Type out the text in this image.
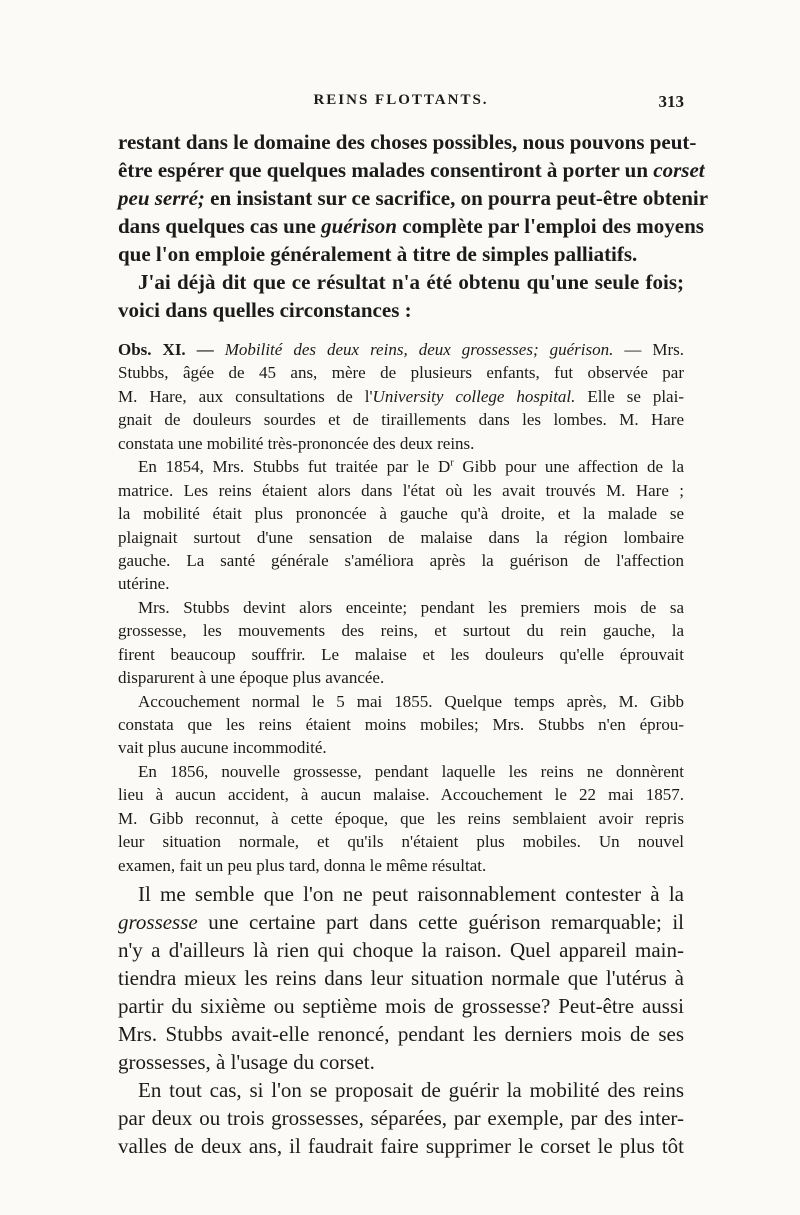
REINS FLOTTANTS.	313
restant dans le domaine des choses possibles, nous pouvons peut-
être espérer que quelques malades consentiront à porter un corset
peu serré; en insistant sur ce sacrifice, on pourra peut-être obtenir
dans quelques cas une guérison complète par l'emploi des moyens
que l'on emploie généralement à titre de simples palliatifs.
J'ai déjà dit que ce résultat n'a été obtenu qu'une seule fois;
voici dans quelles circonstances :
Obs. XI. — Mobilité des deux reins, deux grossesses; guérison. — Mrs.
Stubbs, âgée de 45 ans, mère de plusieurs enfants, fut observée par
M. Hare, aux consultations de l'University college hospital. Elle se plai-
gnait de douleurs sourdes et de tiraillements dans les lombes. M. Hare
constata une mobilité très-prononcée des deux reins.
En 1854, Mrs. Stubbs fut traitée par le $D^r$ Gibb pour une affection de la
matrice. Les reins étaient alors dans l'état où les avait trouvés M. Hare ;
la mobilité était plus prononcée à gauche qu'à droite, et la malade se
plaignait surtout d'une sensation de malaise dans la région lombaire
gauche. La santé générale s'améliora après la guérison de l'affection
utérine.
Mrs. Stubbs devint alors enceinte; pendant les premiers mois de sa
grossesse, les mouvements des reins, et surtout du rein gauche, la
firent beaucoup souffrir. Le malaise et les douleurs qu'elle éprouvait
disparurent à une époque plus avancée.
Accouchement normal le 5 mai 1855. Quelque temps après, M. Gibb
constata que les reins étaient moins mobiles; Mrs. Stubbs n'en éprou-
vait plus aucune incommodité.
En 1856, nouvelle grossesse, pendant laquelle les reins ne donnèrent
lieu à aucun accident, à aucun malaise. Accouchement le 22 mai 1857.
M. Gibb reconnut, à cette époque, que les reins semblaient avoir repris
leur situation normale, et qu'ils n'étaient plus mobiles. Un nouvel
examen, fait un peu plus tard, donna le même résultat.
Il me semble que l'on ne peut raisonnablement contester à la
grossesse une certaine part dans cette guérison remarquable; il
n'y a d'ailleurs là rien qui choque la raison. Quel appareil main-
tiendra mieux les reins dans leur situation normale que l'utérus à
partir du sixième ou septième mois de grossesse? Peut-être aussi
Mrs. Stubbs avait-elle renoncé, pendant les derniers mois de ses
grossesses, à l'usage du corset.
En tout cas, si l'on se proposait de guérir la mobilité des reins
par deux ou trois grossesses, séparées, par exemple, par des inter-
valles de deux ans, il faudrait faire supprimer le corset le plus tôt
